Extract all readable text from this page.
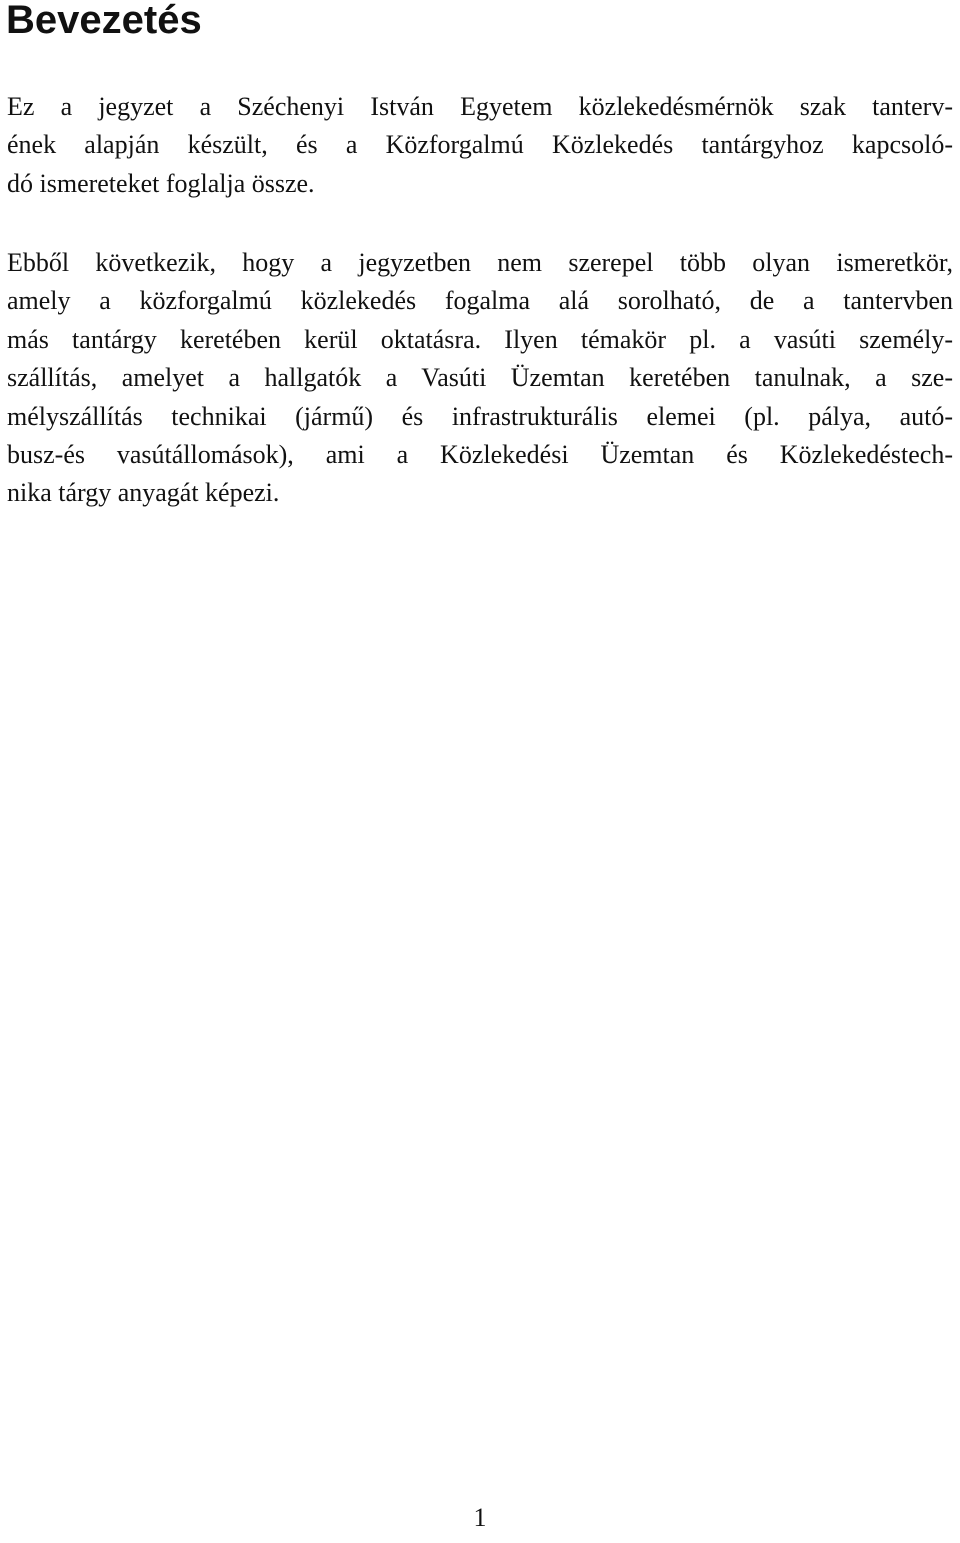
Bevezetés

Ez a jegyzet a Széchenyi István Egyetem közlekedésmérnök szak tanterv-
ének alapján készült, és a Közforgalmú Közlekedés tantárgyhoz kapcsoló-
dó ismereteket foglalja össze.

Ebből következik, hogy a jegyzetben nem szerepel több olyan ismeretkör,
amely a közforgalmú közlekedés fogalma alá sorolható, de a tantervben
más tantárgy keretében kerül oktatásra. Ilyen témakör pl. a vasúti személy-
szállítás, amelyet a hallgatók a Vasúti Üzemtan keretében tanulnak, a sze-
mélyszállítás technikai (jármű) és infrastrukturális elemei (pl. pálya, autó-
busz-és vasútállomások), ami a Közlekedési Üzemtan és Közlekedéstech-
nika tárgy anyagát képezi.

1
